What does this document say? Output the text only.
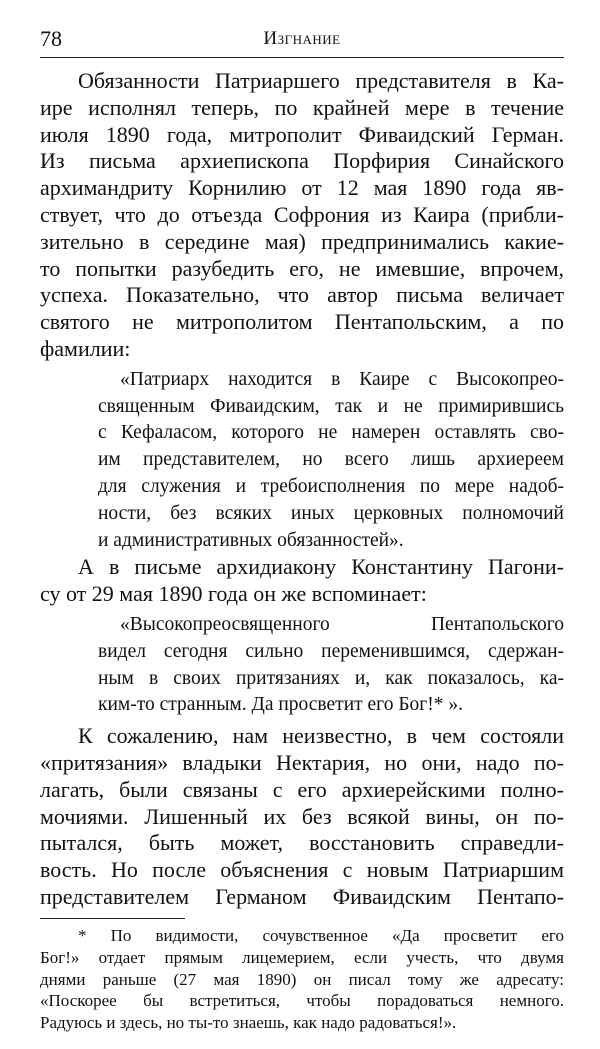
78	Изгнание
Обязанности Патриаршего представителя в Ка-
ире исполнял теперь, по крайней мере в течение
июля 1890 года, митрополит Фиваидский Герман.
Из письма архиепископа Порфирия Синайского
архимандриту Корнилию от 12 мая 1890 года яв-
ствует, что до отъезда Софрония из Каира (прибли-
зительно в середине мая) предпринимались какие-
то попытки разубедить его, не имевшие, впрочем,
успеха. Показательно, что автор письма величает
святого не митрополитом Пентапольским, а по
фамилии:
«Патриарх находится в Каире с Высокопрео-
священным Фиваидским, так и не примирившись
с Кефаласом, которого не намерен оставлять сво-
им представителем, но всего лишь архиереем
для служения и требоисполнения по мере надоб-
ности, без всяких иных церковных полномочий
и административных обязанностей».
А в письме архидиакону Константину Пагони-
су от 29 мая 1890 года он же вспоминает:
«Высокопреосвященного Пентапольского
видел сегодня сильно переменившимся, сдержан-
ным в своих притязаниях и, как показалось, ка-
ким-то странным. Да просветит его Бог!* ».
К сожалению, нам неизвестно, в чем состояли
«притязания» владыки Нектария, но они, надо по-
лагать, были связаны с его архиерейскими полно-
мочиями. Лишенный их без всякой вины, он по-
пытался, быть может, восстановить справедли-
вость. Но после объяснения с новым Патриаршим
представителем Германом Фиваидским Пентапо-
* По видимости, сочувственное «Да просветит его
Бог!» отдает прямым лицемерием, если учесть, что двумя
днями раньше (27 мая 1890) он писал тому же адресату:
«Поскорее бы встретиться, чтобы порадоваться немного.
Радуюсь и здесь, но ты-то знаешь, как надо радоваться!».
